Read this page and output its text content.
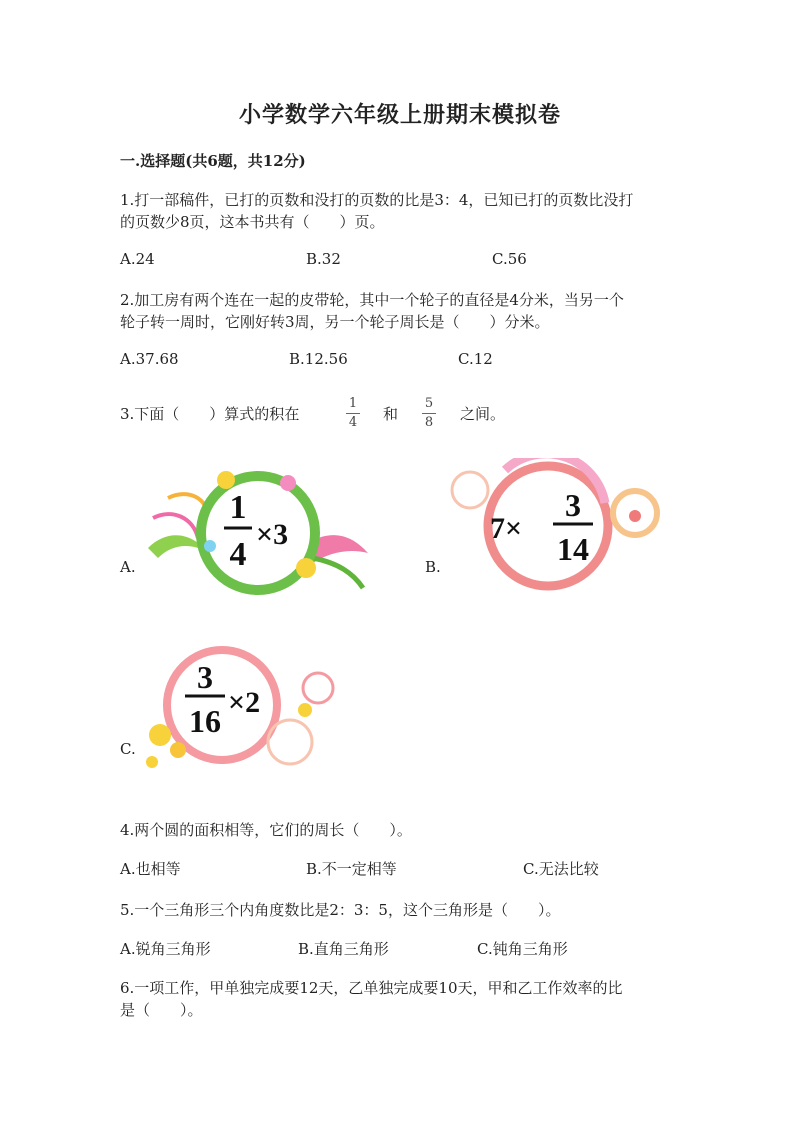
小学数学六年级上册期末模拟卷
一.选择题(共6题，共12分)
1.打一部稿件，已打的页数和没打的页数的比是3：4，已知已打的页数比没打
的页数少8页，这本书共有（　　）页。
A.24	B.32	C.56
2.加工房有两个连在一起的皮带轮，其中一个轮子的直径是4分米，当另一个
轮子转一周时，它刚好转3周，另一个轮子周长是（　　）分米。
A.37.68	B.12.56	C.12
3.下面（　　）算式的积在
1
4 和
5
8 之间。
A.
1
4
×3
B.
7×
3
14
C.
3
16
×2
4.两个圆的面积相等，它们的周长（　　）。
A.也相等	B.不一定相等	C.无法比较
5.一个三角形三个内角度数比是2：3：5，这个三角形是（　　）。
A.锐角三角形	B.直角三角形	C.钝角三角形
6.一项工作，甲单独完成要12天，乙单独完成要10天，甲和乙工作效率的比
是（　　）。
